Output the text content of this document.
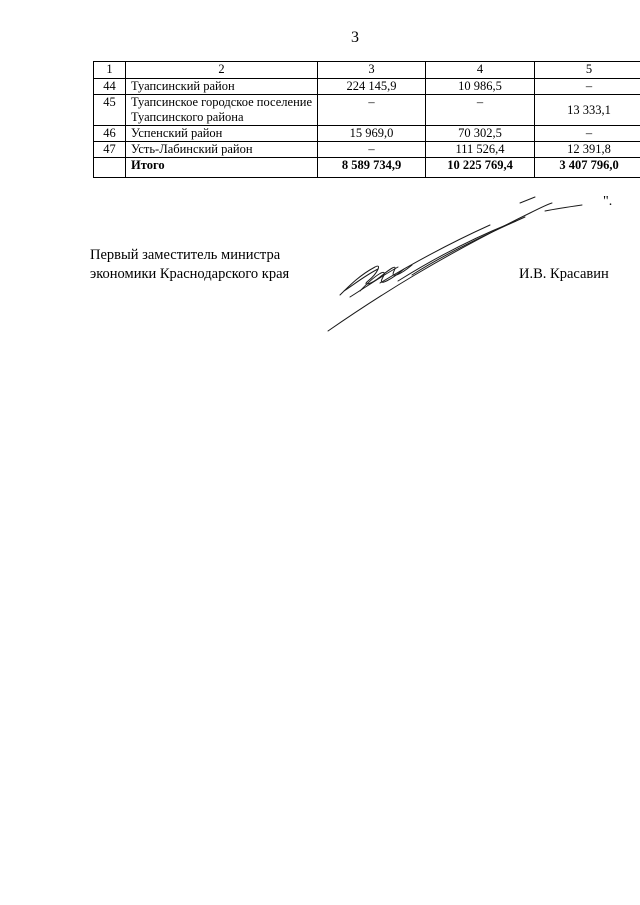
3
1	2	3	4	5
44	Туапсинский район	224 145,9	10 986,5	–
45	Туапсинское городское поселение Туапсинского района	–	–	13 333,1
46	Успенский район	15 969,0	70 302,5	–
47	Усть-Лабинский район	–	111 526,4	12 391,8
	Итого	8 589 734,9	10 225 769,4	3 407 796,0
".
Первый заместитель министра
экономики Краснодарского края	И.В. Красавин
